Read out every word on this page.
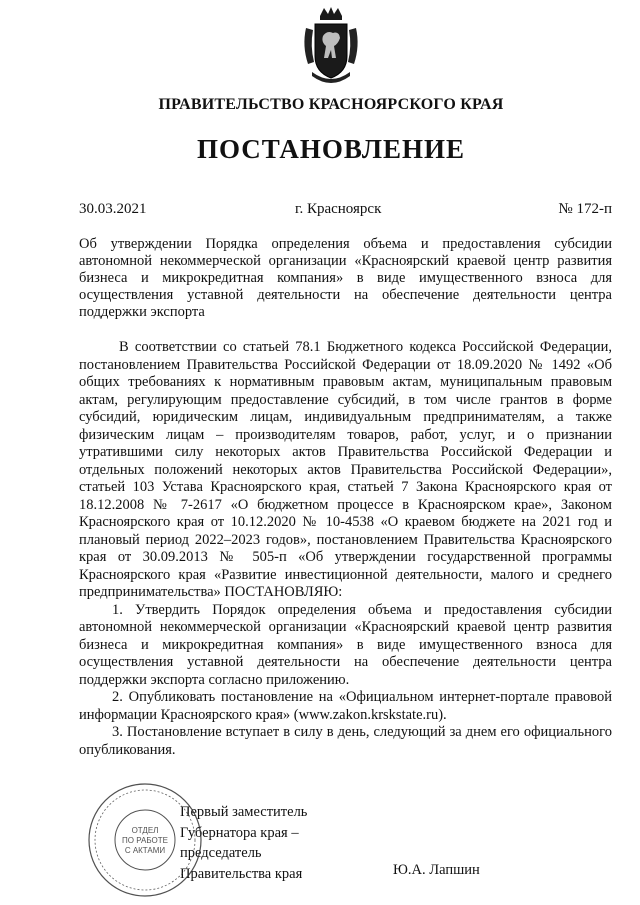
ПРАВИТЕЛЬСТВО КРАСНОЯРСКОГО КРАЯ
ПОСТАНОВЛЕНИЕ
30.03.2021	г. Красноярск	№ 172-п

Об утверждении Порядка определения объема и предоставления субсидии автономной некоммерческой организации «Красноярский краевой центр развития бизнеса и микрокредитная компания» в виде имущественного взноса для осуществления уставной деятельности на обеспечение деятельности центра поддержки экспорта

В соответствии со статьей 78.1 Бюджетного кодекса Российской Федерации, постановлением Правительства Российской Федерации от 18.09.2020 № 1492 «Об общих требованиях к нормативным правовым актам, муниципальным правовым актам, регулирующим предоставление субсидий, в том числе грантов в форме субсидий, юридическим лицам, индивидуальным предпринимателям, а также физическим лицам – производителям товаров, работ, услуг, и о признании утратившими силу некоторых актов Правительства Российской Федерации и отдельных положений некоторых актов Правительства Российской Федерации», статьей 103 Устава Красноярского края, статьей 7 Закона Красноярского края от 18.12.2008 № 7-2617 «О бюджетном процессе в Красноярском крае», Законом Красноярского края от 10.12.2020 № 10-4538 «О краевом бюджете на 2021 год и плановый период 2022–2023 годов», постановлением Правительства Красноярского края от 30.09.2013 № 505-п «Об утверждении государственной программы Красноярского края «Развитие инвестиционной деятельности, малого и среднего предпринимательства» ПОСТАНОВЛЯЮ:

1. Утвердить Порядок определения объема и предоставления субсидии автономной некоммерческой организации «Красноярский краевой центр развития бизнеса и микрокредитная компания» в виде имущественного взноса для осуществления уставной деятельности на обеспечение деятельности центра поддержки экспорта согласно приложению.

2. Опубликовать постановление на «Официальном интернет-портале правовой информации Красноярского края» (www.zakon.krskstate.ru).

3. Постановление вступает в силу в день, следующий за днем его официального опубликования.

Первый заместитель
Губернатора края –
председатель
Правительства края	Ю.А. Лапшин
ОТДЕЛ
ПО РАБОТЕ
С АКТАМИ
